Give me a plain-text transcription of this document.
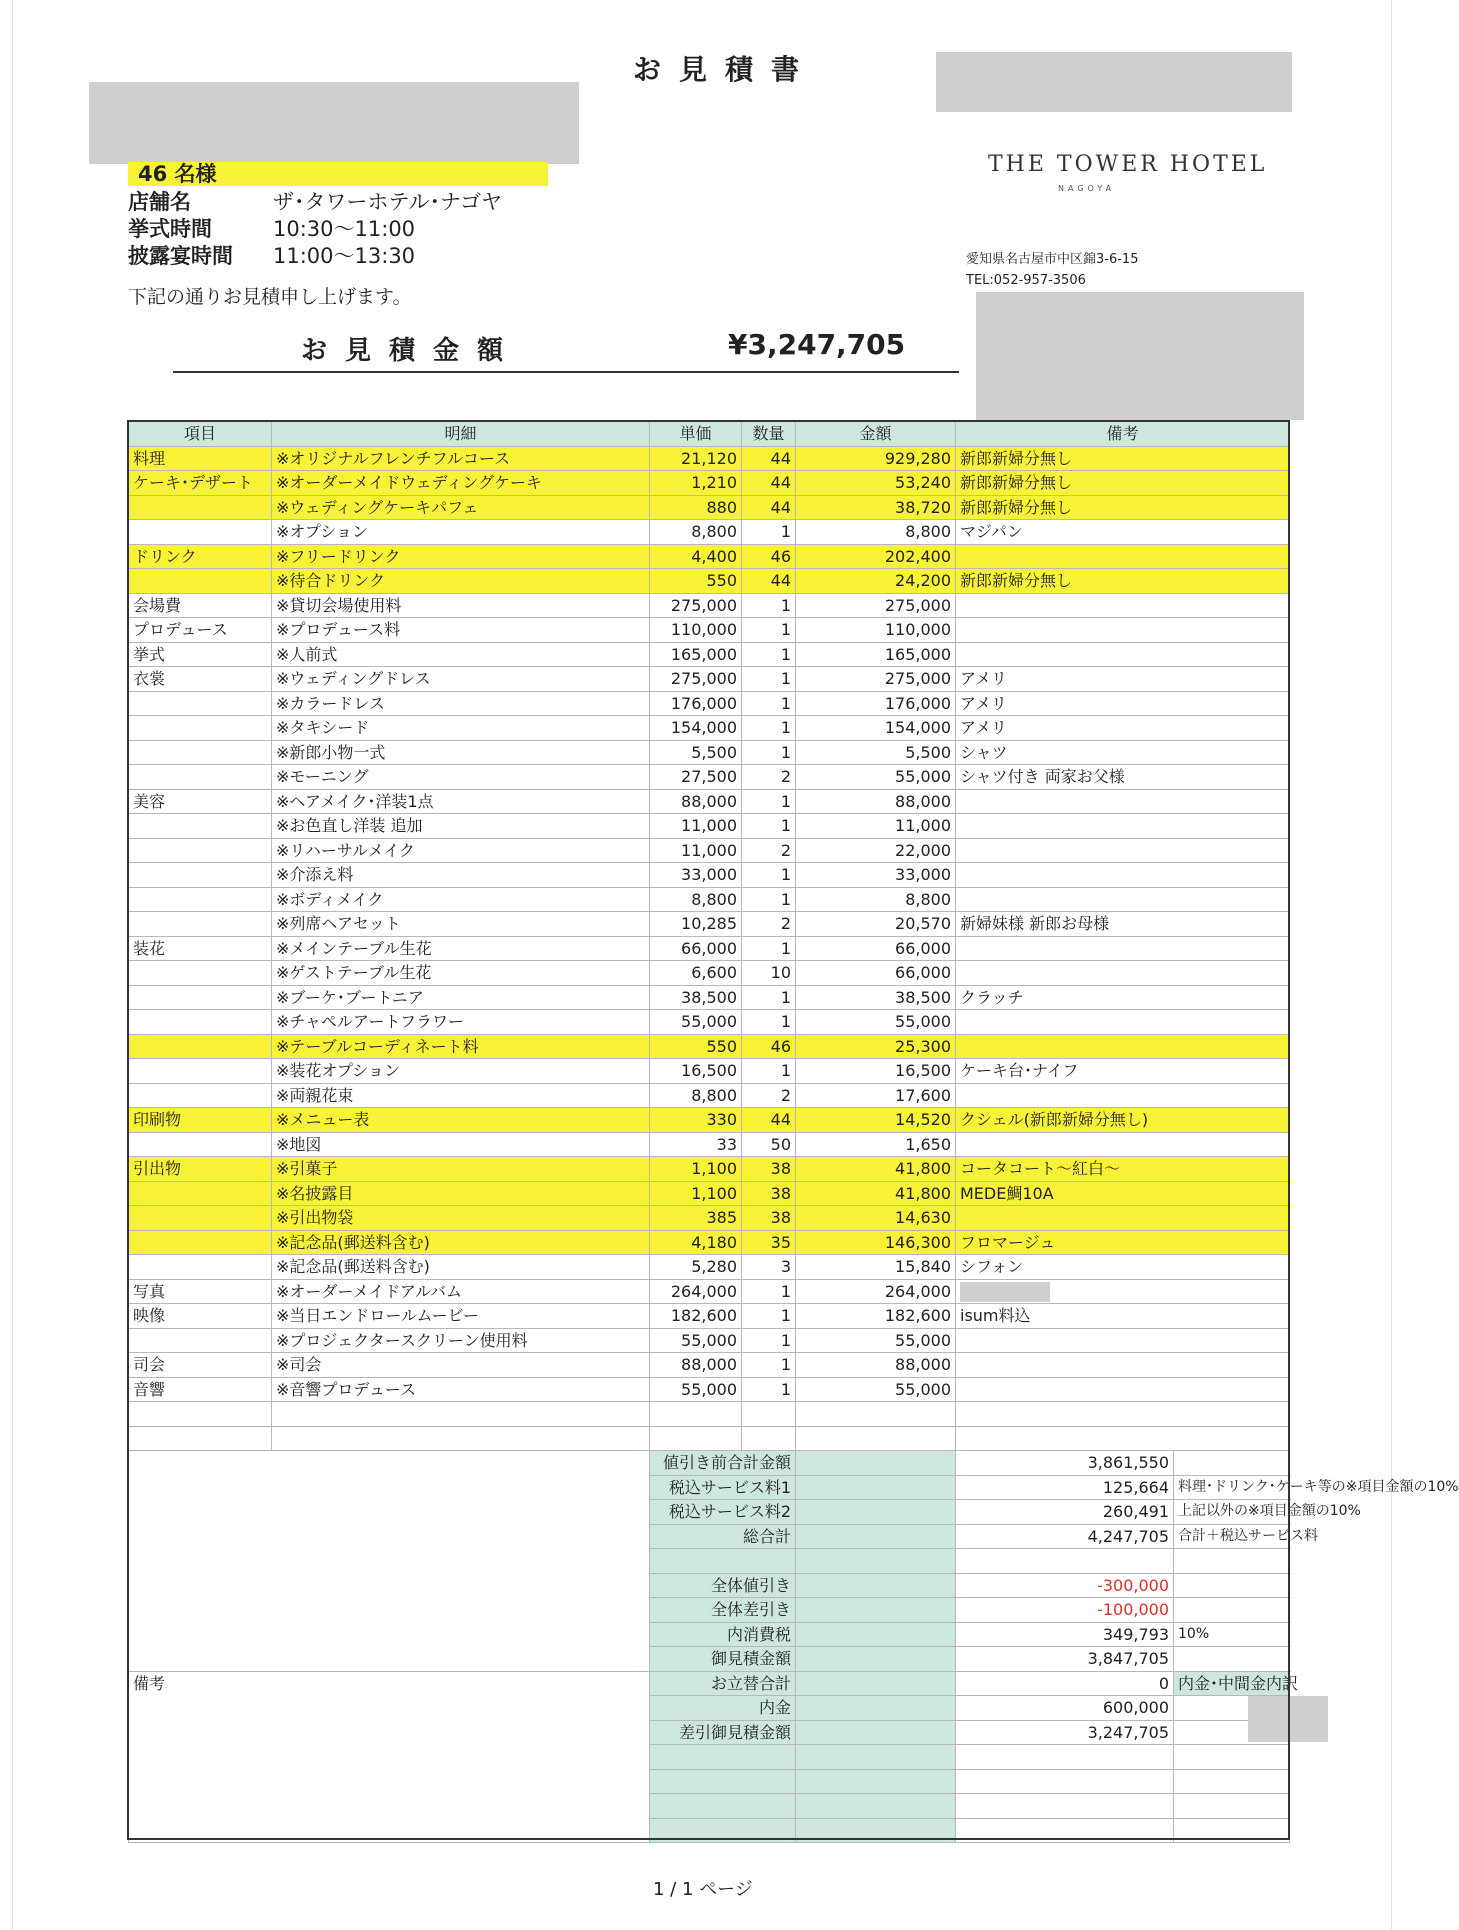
お見積書
46 名様
店舗名	ザ･タワーホテル･ナゴヤ
挙式時間	10:30〜11:00
披露宴時間 11:00〜13:30
下記の通りお見積申し上げます。
THE TOWER HOTEL
NAGOYA
愛知県名古屋市中区錦3-6-15
TEL:052-957-3506
お見積金額	¥3,247,705
項目	明細	単価	数量	金額	備考		
料理	※オリジナルフレンチフルコース	21,120	44	929,280	新郎新婦分無し		
ケーキ･デザート	※オーダーメイドウェディングケーキ	1,210	44	53,240	新郎新婦分無し		
	※ウェディングケーキパフェ	880	44	38,720	新郎新婦分無し		
	※オプション	8,800	1	8,800	マジパン		
ドリンク	※フリードリンク	4,400	46	202,400			
	※待合ドリンク	550	44	24,200	新郎新婦分無し		
会場費	※貸切会場使用料	275,000	1	275,000			
プロデュース	※プロデュース料	110,000	1	110,000			
挙式	※人前式	165,000	1	165,000			
衣裳	※ウェディングドレス	275,000	1	275,000	アメリ		
	※カラードレス	176,000	1	176,000	アメリ		
	※タキシード	154,000	1	154,000	アメリ		
	※新郎小物一式	5,500	1	5,500	シャツ		
	※モーニング	27,500	2	55,000	シャツ付き 両家お父様		
美容	※ヘアメイク･洋装1点	88,000	1	88,000			
	※お色直し洋装 追加	11,000	1	11,000			
	※リハーサルメイク	11,000	2	22,000			
	※介添え料	33,000	1	33,000			
	※ボディメイク	8,800	1	8,800			
	※列席ヘアセット	10,285	2	20,570	新婦妹様 新郎お母様		
装花	※メインテーブル生花	66,000	1	66,000			
	※ゲストテーブル生花	6,600	10	66,000			
	※ブーケ･ブートニア	38,500	1	38,500	クラッチ		
	※チャペルアートフラワー	55,000	1	55,000			
	※テーブルコーディネート料	550	46	25,300			
	※装花オプション	16,500	1	16,500	ケーキ台･ナイフ		
	※両親花束	8,800	2	17,600			
印刷物	※メニュー表	330	44	14,520	クシェル(新郎新婦分無し)		
	※地図	33	50	1,650			
引出物	※引菓子	1,100	38	41,800	コータコート〜紅白〜		
	※名披露目	1,100	38	41,800	MEDE鯛10A		
	※引出物袋	385	38	14,630			
	※記念品(郵送料含む)	4,180	35	146,300	フロマージュ		
	※記念品(郵送料含む)	5,280	3	15,840	シフォン		
写真	※オーダーメイドアルバム	264,000	1	264,000			
映像	※当日エンドロールムービー	182,600	1	182,600	isum料込		
	※プロジェクタースクリーン使用料	55,000	1	55,000			
司会	※司会	88,000	1	88,000			
音響	※音響プロデュース	55,000	1	55,000			

		値引き前合計金額			3,861,550		
		税込サービス料1			125,664	料理･ドリンク･ケーキ等の※項目金額の10%	
		税込サービス料2			260,491	上記以外の※項目金額の10%	
		総合計			4,247,705	合計＋税込サービス料	

		全体値引き			-300,000		
		全体差引き			-100,000		
		内消費税			349,793	10%	
		御見積金額			3,847,705		
備考		お立替合計			0	内金･中間金内訳	
		内金			600,000	

		差引御見積金額			3,247,705		

1 / 1 ページ
